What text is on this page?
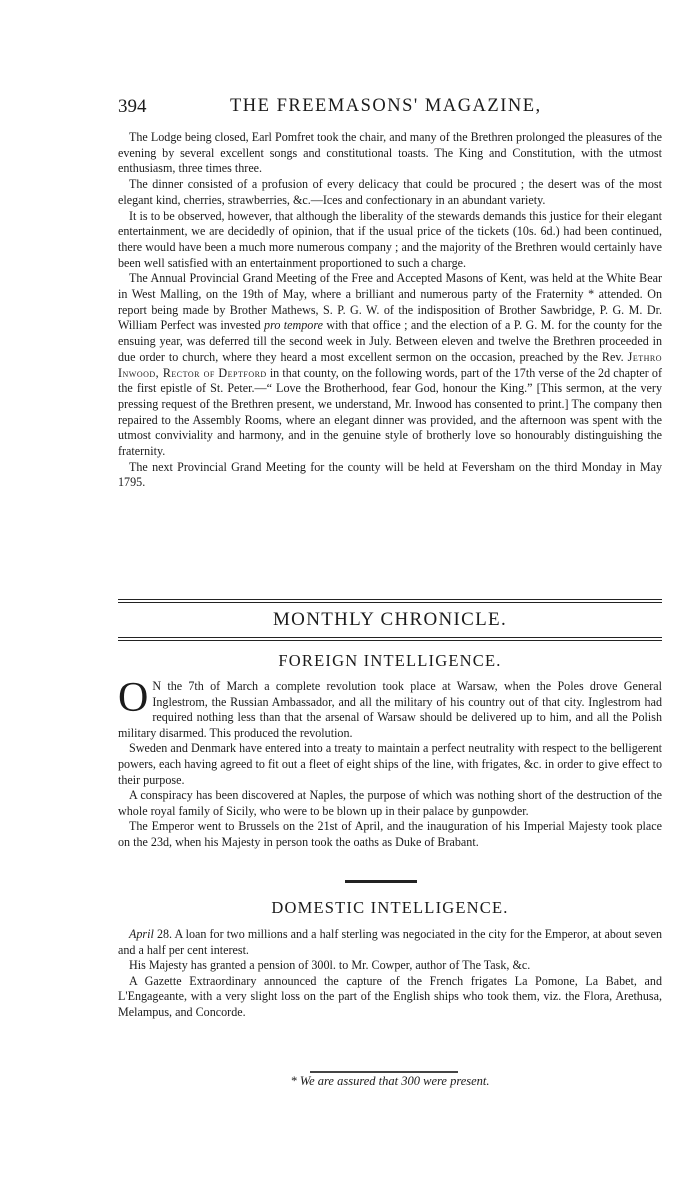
394	THE FREEMASONS' MAGAZINE,

The Lodge being closed, Earl Pomfret took the chair, and many of the Brethren prolonged the pleasures of the evening by several excellent songs and constitutional toasts. The King and Constitution, with the utmost enthusiasm, three times three.

The dinner consisted of a profusion of every delicacy that could be procured ; the desert was of the most elegant kind, cherries, strawberries, &c.—Ices and confectionary in an abundant variety.

It is to be observed, however, that although the liberality of the stewards demands this justice for their elegant entertainment, we are decidedly of opinion, that if the usual price of the tickets (10s. 6d.) had been continued, there would have been a much more numerous company ; and the majority of the Brethren would certainly have been well satisfied with an entertainment proportioned to such a charge.

The Annual Provincial Grand Meeting of the Free and Accepted Masons of Kent, was held at the White Bear in West Malling, on the 19th of May, where a brilliant and numerous party of the Fraternity * attended. On report being made by Brother Mathews, S. P. G. W. of the indisposition of Brother Sawbridge, P. G. M. Dr. William Perfect was invested pro tempore with that office ; and the election of a P. G. M. for the county for the ensuing year, was deferred till the second week in July. Between eleven and twelve the Brethren proceeded in due order to church, where they heard a most excellent sermon on the occasion, preached by the Rev. Jethro Inwood, Rector of Deptford in that county, on the following words, part of the 17th verse of the 2d chapter of the first epistle of St. Peter.—“ Love the Brotherhood, fear God, honour the King.” [This sermon, at the very pressing request of the Brethren present, we understand, Mr. Inwood has consented to print.] The company then repaired to the Assembly Rooms, where an elegant dinner was provided, and the afternoon was spent with the utmost conviviality and harmony, and in the genuine style of brotherly love so honourably distinguishing the fraternity.

The next Provincial Grand Meeting for the county will be held at Feversham on the third Monday in May 1795.

MONTHLY CHRONICLE.
FOREIGN INTELLIGENCE.

O N the 7th of March a complete revolution took place at Warsaw, when the Poles drove General Inglestrom, the Russian Ambassador, and all the military of his country out of that city. Inglestrom had required nothing less than that the arsenal of Warsaw should be delivered up to him, and all the Polish military disarmed. This produced the revolution.

Sweden and Denmark have entered into a treaty to maintain a perfect neutrality with respect to the belligerent powers, each having agreed to fit out a fleet of eight ships of the line, with frigates, &c. in order to give effect to their purpose.

A conspiracy has been discovered at Naples, the purpose of which was nothing short of the destruction of the whole royal family of Sicily, who were to be blown up in their palace by gunpowder.

The Emperor went to Brussels on the 21st of April, and the inauguration of his Imperial Majesty took place on the 23d, when his Majesty in person took the oaths as Duke of Brabant.

DOMESTIC INTELLIGENCE.

April 28. A loan for two millions and a half sterling was negociated in the city for the Emperor, at about seven and a half per cent interest.

His Majesty has granted a pension of 300l. to Mr. Cowper, author of The Task, &c.

A Gazette Extraordinary announced the capture of the French frigates La Pomone, La Babet, and L'Engageante, with a very slight loss on the part of the English ships who took them, viz. the Flora, Arethusa, Melampus, and Concorde.

* We are assured that 300 were present.
